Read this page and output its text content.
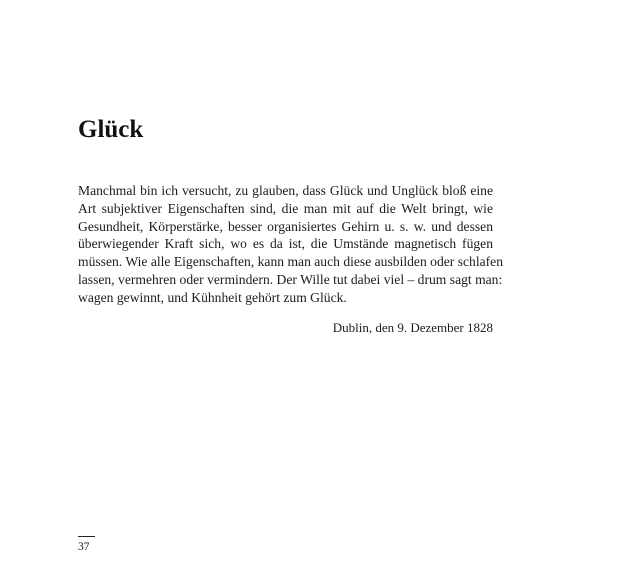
Glück

Manchmal bin ich versucht, zu glauben, dass Glück und Unglück bloß eine
Art subjektiver Eigenschaften sind, die man mit auf die Welt bringt, wie
Gesundheit, Körperstärke, besser organisiertes Gehirn u. s. w. und dessen
überwiegender Kraft sich, wo es da ist, die Umstände magnetisch fügen
müssen. Wie alle Eigenschaften, kann man auch diese ausbilden oder schlafen
lassen, vermehren oder vermindern. Der Wille tut dabei viel – drum sagt man:
wagen gewinnt, und Kühnheit gehört zum Glück.

Dublin, den 9. Dezember 1828

37
